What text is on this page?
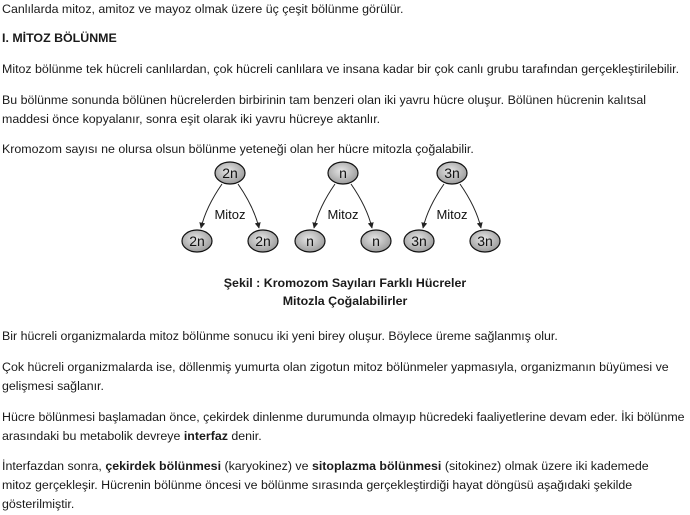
Canlılarda mitoz, amitoz ve mayoz olmak üzere üç çeşit bölünme görülür.
I. MİTOZ BÖLÜNME
Mitoz bölünme tek hücreli canlılardan, çok hücreli canlılara ve insana kadar bir çok canlı grubu tarafından gerçekleştirilebilir.
Bu bölünme sonunda bölünen hücrelerden birbirinin tam benzeri olan iki yavru hücre oluşur. Bölünen hücrenin kalıtsal
maddesi önce kopyalanır, sonra eşit olarak iki yavru hücreye aktanlır.
Kromozom sayısı ne olursa olsun bölünme yeteneği olan her hücre mitozla çoğalabilir.
Mitoz
2n
2n	2n
Mitoz
n
n	n
Mitoz
3n
3n	3n
Şekil : Kromozom Sayıları Farklı Hücreler
Mitozla Çoğalabilirler
Bir hücreli organizmalarda mitoz bölünme sonucu iki yeni birey oluşur. Böylece üreme sağlanmış olur.
Çok hücreli organizmalarda ise, döllenmiş yumurta olan zigotun mitoz bölünmeler yapmasıyla, organizmanın büyümesi ve
gelişmesi sağlanır.
Hücre bölünmesi başlamadan önce, çekirdek dinlenme durumunda olmayıp hücredeki faaliyetlerine devam eder. İki bölünme
arasındaki bu metabolik devreye interfaz denir.
İnterfazdan sonra, çekirdek bölünmesi (karyokinez) ve sitoplazma bölünmesi (sitokinez) olmak üzere iki kademede
mitoz gerçekleşir. Hücrenin bölünme öncesi ve bölünme sırasında gerçekleştirdiği hayat döngüsü aşağıdaki şekilde
gösterilmiştir.
